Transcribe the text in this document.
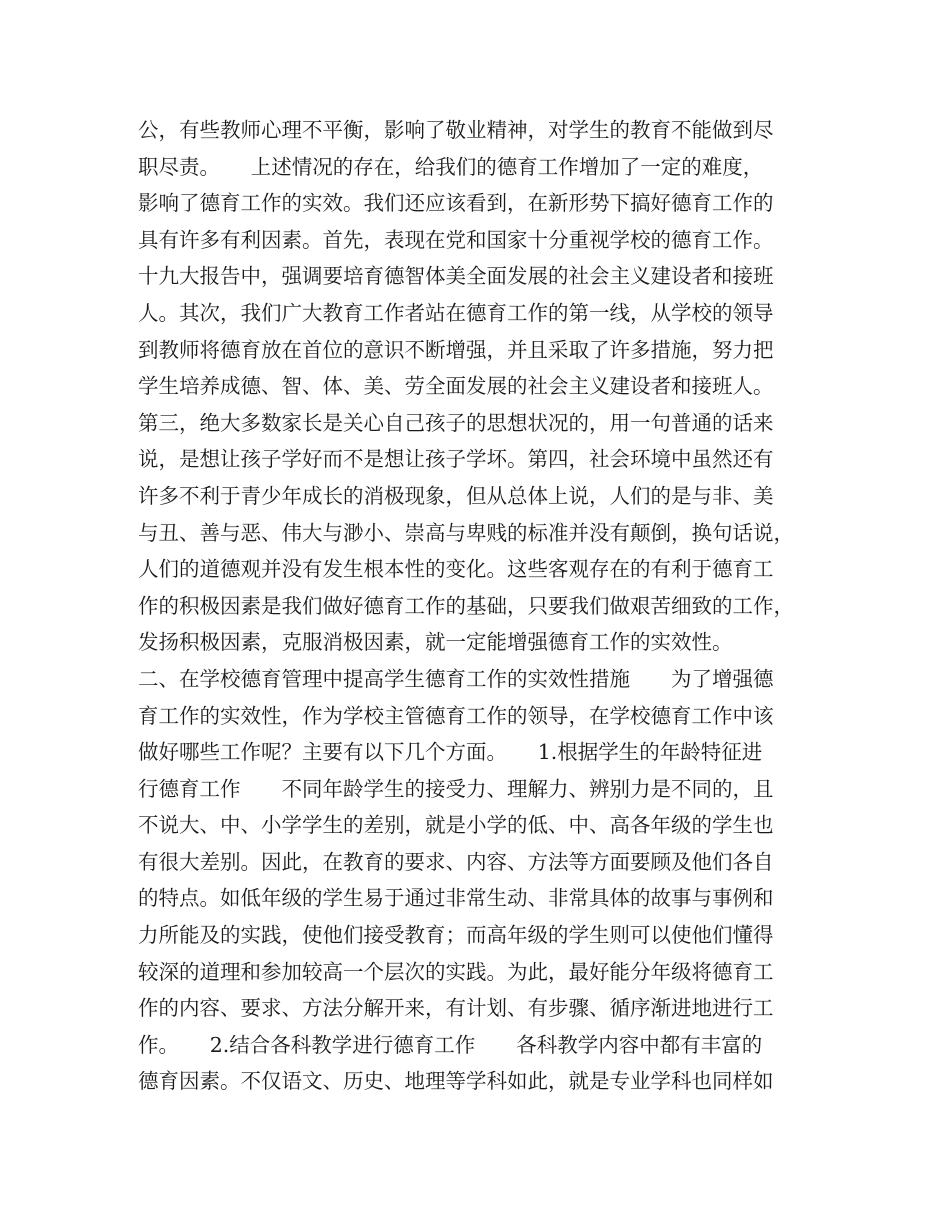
公，有些教师心理不平衡，影响了敬业精神，对学生的教育不能做到尽
职尽责。　　上述情况的存在，给我们的德育工作增加了一定的难度，
影响了德育工作的实效。我们还应该看到，在新形势下搞好德育工作的
具有许多有利因素。首先，表现在党和国家十分重视学校的德育工作。
十九大报告中，强调要培育德智体美全面发展的社会主义建设者和接班
人。其次，我们广大教育工作者站在德育工作的第一线，从学校的领导
到教师将德育放在首位的意识不断增强，并且采取了许多措施，努力把
学生培养成德、智、体、美、劳全面发展的社会主义建设者和接班人。
第三，绝大多数家长是关心自己孩子的思想状况的，用一句普通的话来
说，是想让孩子学好而不是想让孩子学坏。第四，社会环境中虽然还有
许多不利于青少年成长的消极现象，但从总体上说，人们的是与非、美
与丑、善与恶、伟大与渺小、崇高与卑贱的标准并没有颠倒，换句话说，
人们的道德观并没有发生根本性的变化。这些客观存在的有利于德育工
作的积极因素是我们做好德育工作的基础，只要我们做艰苦细致的工作，
发扬积极因素，克服消极因素，就一定能增强德育工作的实效性。
二、在学校德育管理中提高学生德育工作的实效性措施　　为了增强德
育工作的实效性，作为学校主管德育工作的领导，在学校德育工作中该
做好哪些工作呢？主要有以下几个方面。　　1.根据学生的年龄特征进
行德育工作　　不同年龄学生的接受力、理解力、辨别力是不同的，且
不说大、中、小学学生的差别，就是小学的低、中、高各年级的学生也
有很大差别。因此，在教育的要求、内容、方法等方面要顾及他们各自
的特点。如低年级的学生易于通过非常生动、非常具体的故事与事例和
力所能及的实践，使他们接受教育；而高年级的学生则可以使他们懂得
较深的道理和参加较高一个层次的实践。为此，最好能分年级将德育工
作的内容、要求、方法分解开来，有计划、有步骤、循序渐进地进行工
作。　　2.结合各科教学进行德育工作　　各科教学内容中都有丰富的
德育因素。不仅语文、历史、地理等学科如此，就是专业学科也同样如
